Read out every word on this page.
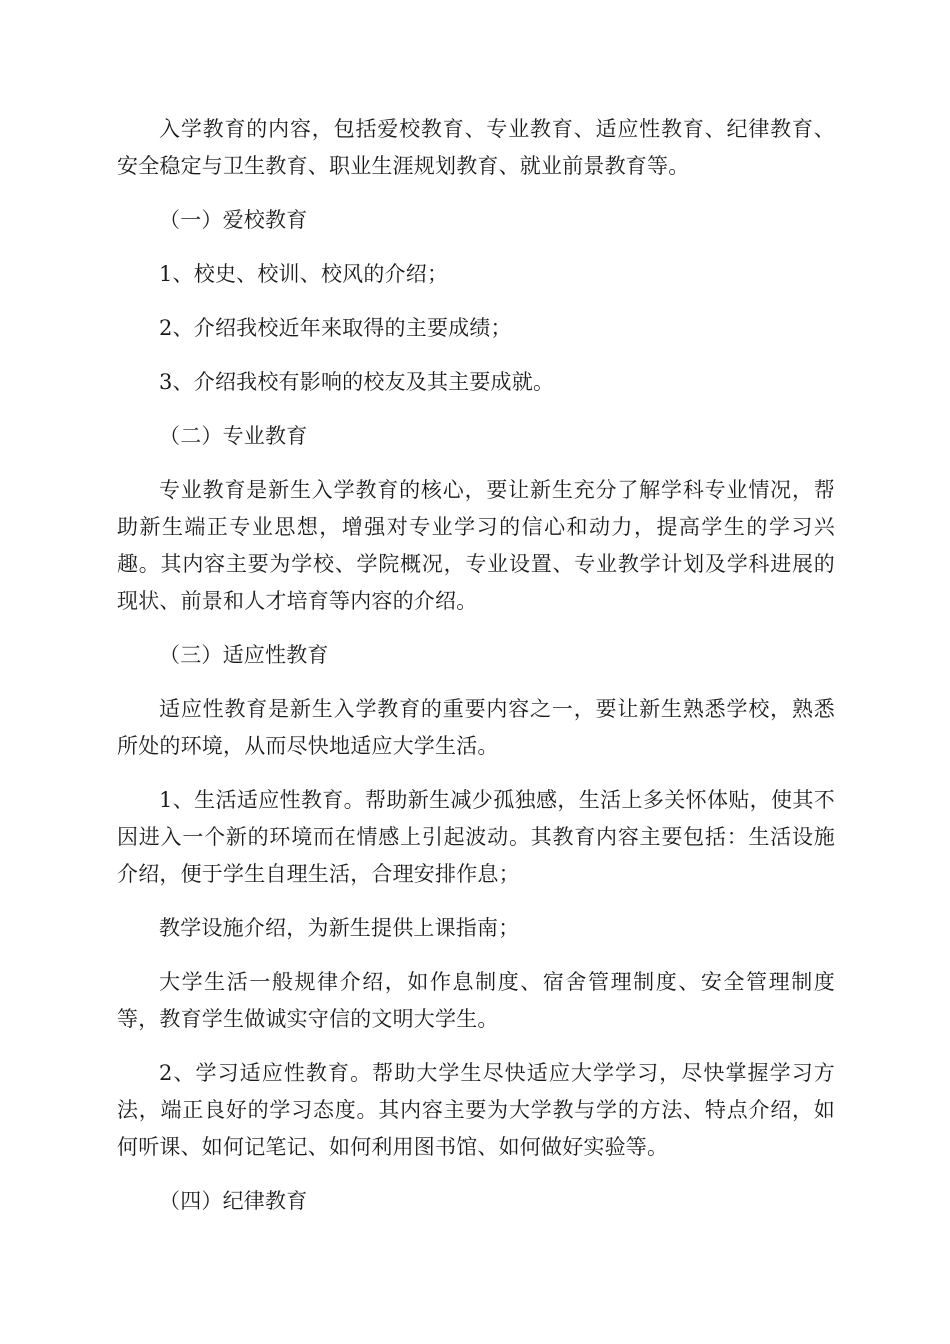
入学教育的内容，包括爱校教育、专业教育、适应性教育、纪律教育、安全稳定与卫生教育、职业生涯规划教育、就业前景教育等。

（一）爱校教育

1、校史、校训、校风的介绍；

2、介绍我校近年来取得的主要成绩；

3、介绍我校有影响的校友及其主要成就。

（二）专业教育

专业教育是新生入学教育的核心，要让新生充分了解学科专业情况，帮助新生端正专业思想，增强对专业学习的信心和动力，提高学生的学习兴趣。其内容主要为学校、学院概况，专业设置、专业教学计划及学科进展的现状、前景和人才培育等内容的介绍。

（三）适应性教育

适应性教育是新生入学教育的重要内容之一，要让新生熟悉学校，熟悉所处的环境，从而尽快地适应大学生活。

1、生活适应性教育。帮助新生减少孤独感，生活上多关怀体贴，使其不因进入一个新的环境而在情感上引起波动。其教育内容主要包括：生活设施介绍，便于学生自理生活，合理安排作息；

教学设施介绍，为新生提供上课指南；

大学生活一般规律介绍，如作息制度、宿舍管理制度、安全管理制度等，教育学生做诚实守信的文明大学生。

2、学习适应性教育。帮助大学生尽快适应大学学习，尽快掌握学习方法，端正良好的学习态度。其内容主要为大学教与学的方法、特点介绍，如何听课、如何记笔记、如何利用图书馆、如何做好实验等。

（四）纪律教育
